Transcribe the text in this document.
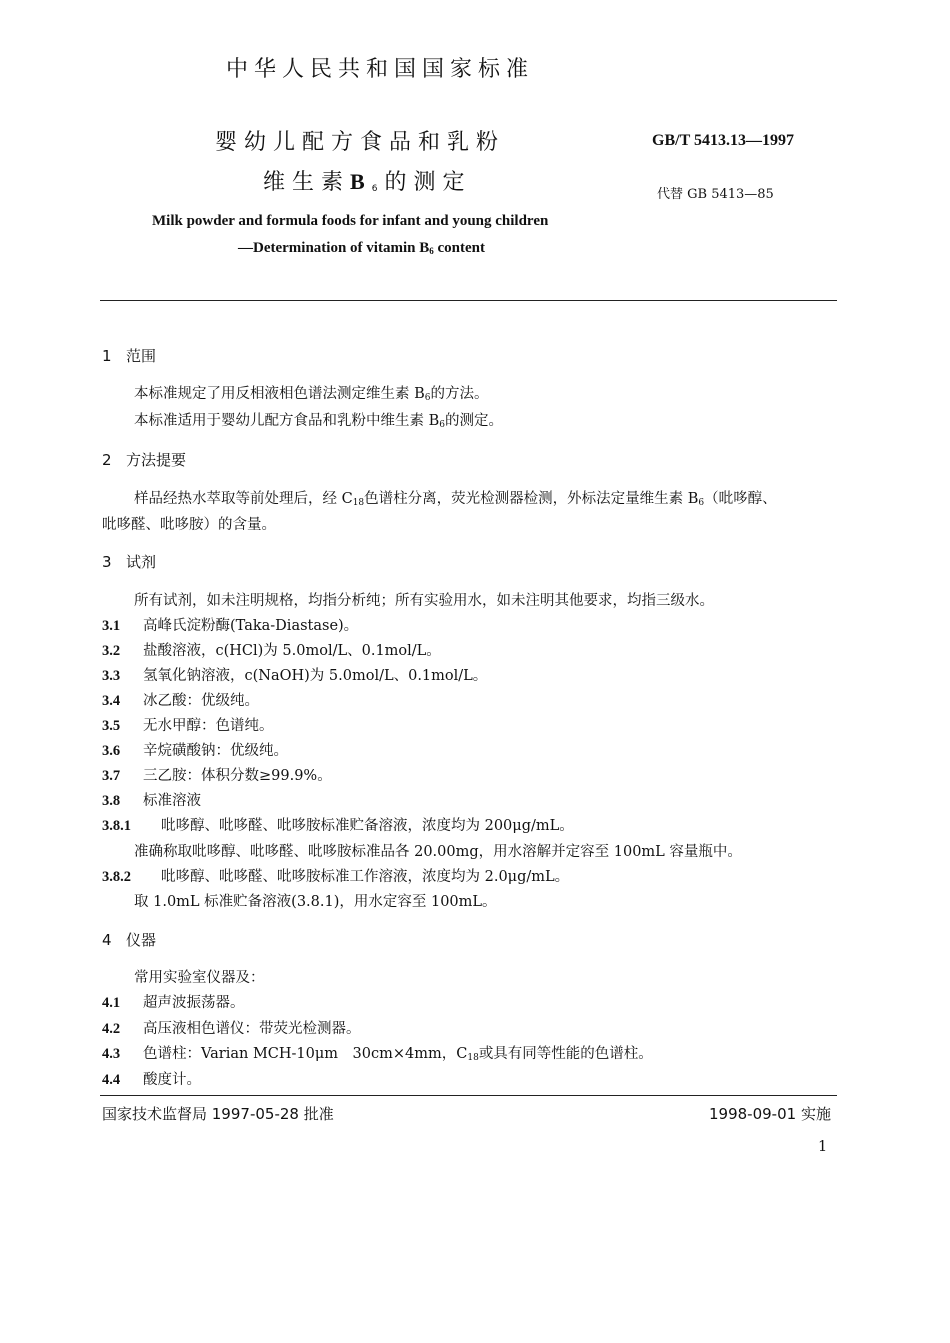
中华人民共和国国家标准
婴幼儿配方食品和乳粉
维生素$B_6$的测定
GB/T 5413.13—1997
代替 GB 5413—85
Milk powder and formula foods for infant and young children
—Determination of vitamin $B_6$ content
1 范围
本标准规定了用反相液相色谱法测定维生素 $B_6$的方法。
本标准适用于婴幼儿配方食品和乳粉中维生素 $B_6$的测定。
2 方法提要
样品经热水萃取等前处理后，经 $C_{18}$色谱柱分离，荧光检测器检测，外标法定量维生素 $B_6$（吡哆醇、
吡哆醛、吡哆胺）的含量。
3 试剂
所有试剂，如未注明规格，均指分析纯；所有实验用水，如未注明其他要求，均指三级水。
3.1 高峰氏淀粉酶(Taka-Diastase)。
3.2 盐酸溶液，c(HCl)为 5.0mol/L、0.1mol/L。
3.3 氢氧化钠溶液，c(NaOH)为 5.0mol/L、0.1mol/L。
3.4 冰乙酸：优级纯。
3.5 无水甲醇：色谱纯。
3.6 辛烷磺酸钠：优级纯。
3.7 三乙胺：体积分数≥99.9%。
3.8 标准溶液
3.8.1 吡哆醇、吡哆醛、吡哆胺标准贮备溶液，浓度均为 200μg/mL。
准确称取吡哆醇、吡哆醛、吡哆胺标准品各 20.00mg，用水溶解并定容至 100mL 容量瓶中。
3.8.2 吡哆醇、吡哆醛、吡哆胺标准工作溶液，浓度均为 2.0μg/mL。
取 1.0mL 标准贮备溶液(3.8.1)，用水定容至 100mL。
4 仪器
常用实验室仪器及：
4.1 超声波振荡器。
4.2 高压液相色谱仪：带荧光检测器。
4.3 色谱柱：Varian MCH-10μm　30cm×4mm，$C_{18}$或具有同等性能的色谱柱。
4.4 酸度计。
国家技术监督局 1997-05-28 批准	1998-09-01 实施
1
